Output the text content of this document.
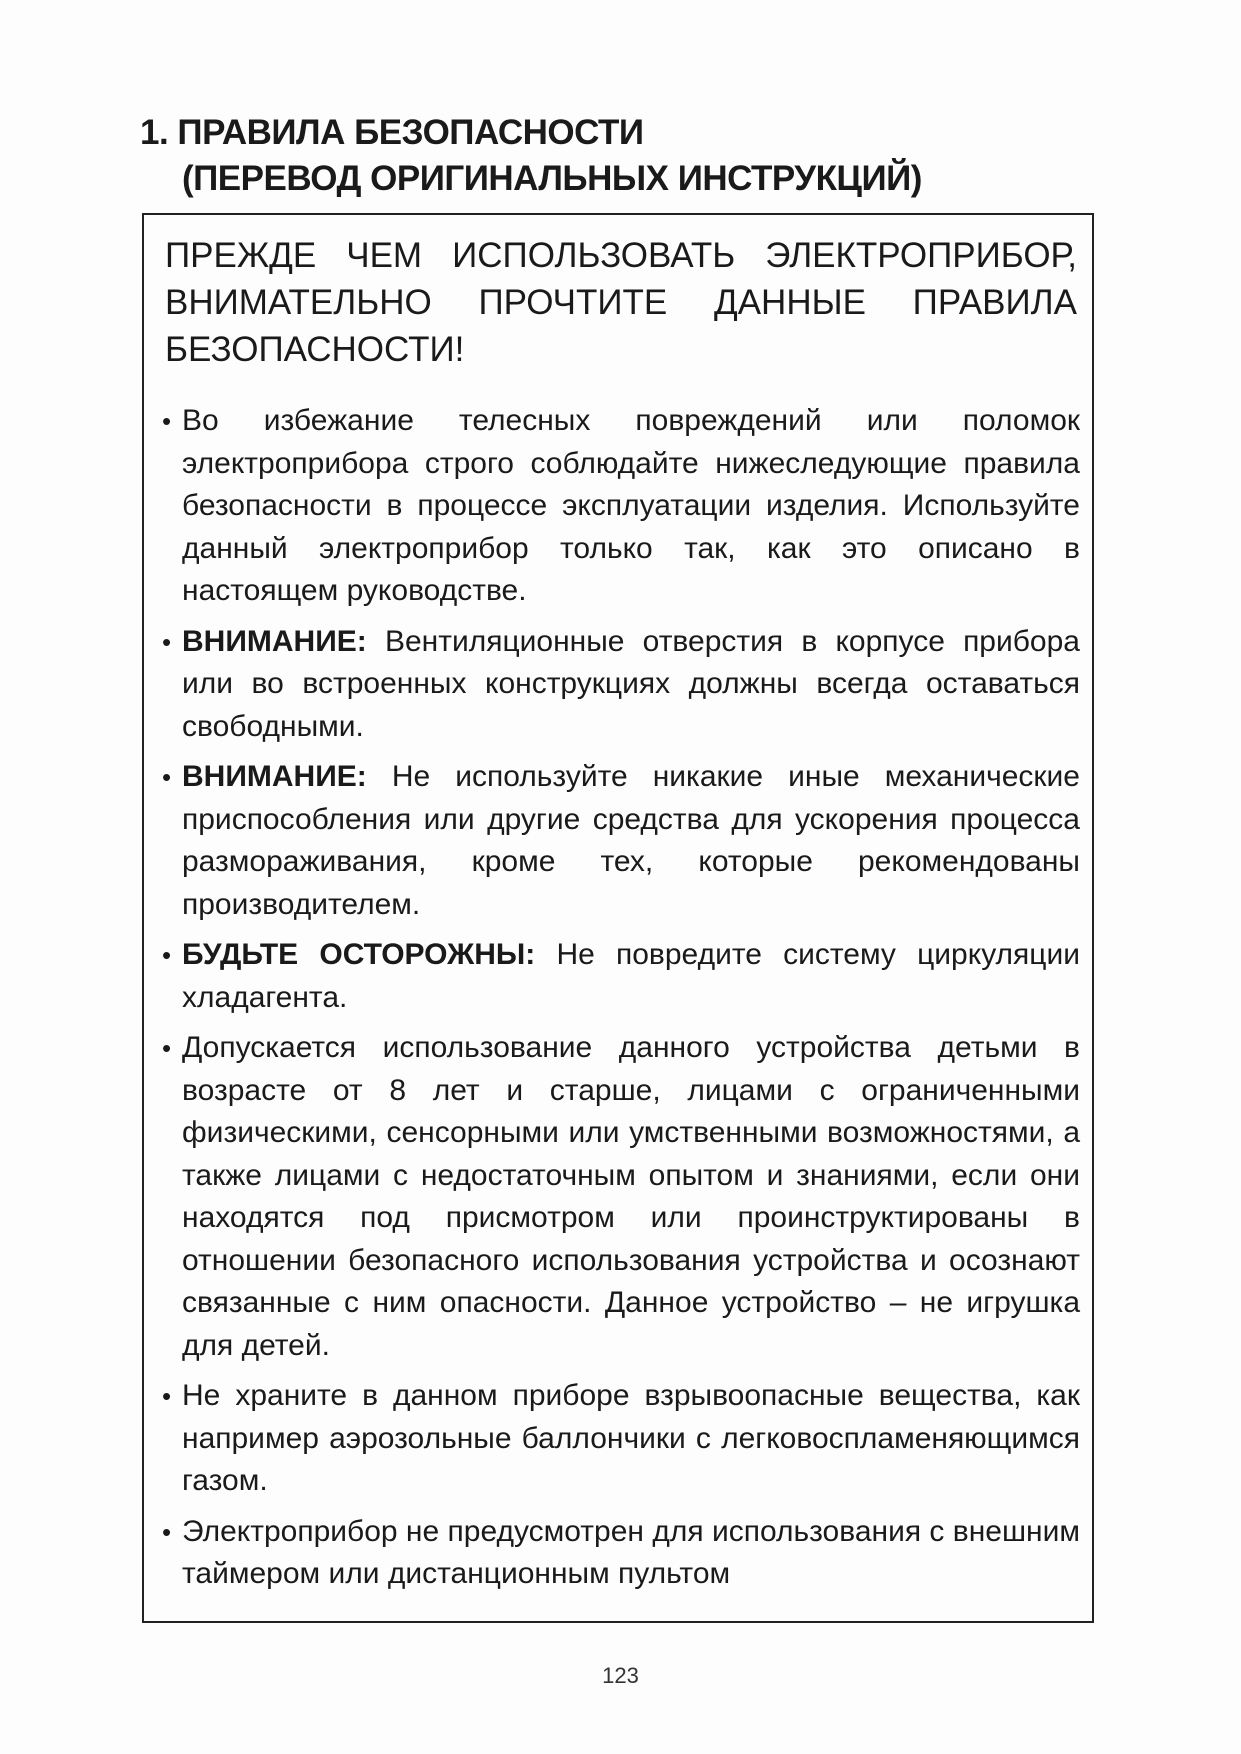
1. ПРАВИЛА БЕЗОПАСНОСТИ
(ПЕРЕВОД ОРИГИНАЛЬНЫХ ИНСТРУКЦИЙ)
ПРЕЖДЕ ЧЕМ ИСПОЛЬЗОВАТЬ ЭЛЕКТРОПРИБОР, ВНИМАТЕЛЬНО ПРОЧТИТЕ ДАННЫЕ ПРАВИЛА БЕЗОПАСНОСТИ!
• Во избежание телесных повреждений или поломок электроприбора строго соблюдайте нижеследующие правила безопасности в процессе эксплуатации изделия. Используйте данный электроприбор только так, как это описано в настоящем руководстве.
• ВНИМАНИЕ: Вентиляционные отверстия в корпусе прибора или во встроенных конструкциях должны всегда оставаться свободными.
• ВНИМАНИЕ: Не используйте никакие иные механические приспособления или другие средства для ускорения процесса размораживания, кроме тех, которые рекомендованы производителем.
• БУДЬТЕ ОСТОРОЖНЫ: Не повредите систему циркуляции хладагента.
• Допускается использование данного устройства детьми в возрасте от 8 лет и старше, лицами с ограниченными физическими, сенсорными или умственными возможностями, а также лицами с недостаточным опытом и знаниями, если они находятся под присмотром или проинструктированы в отношении безопасного использования устройства и осознают связанные с ним опасности. Данное устройство – не игрушка для детей.
• Не храните в данном приборе взрывоопасные вещества, как например аэрозольные баллончики с легковоспламеняющимся газом.
• Электроприбор не предусмотрен для использования с внешним таймером или дистанционным пультом
123
